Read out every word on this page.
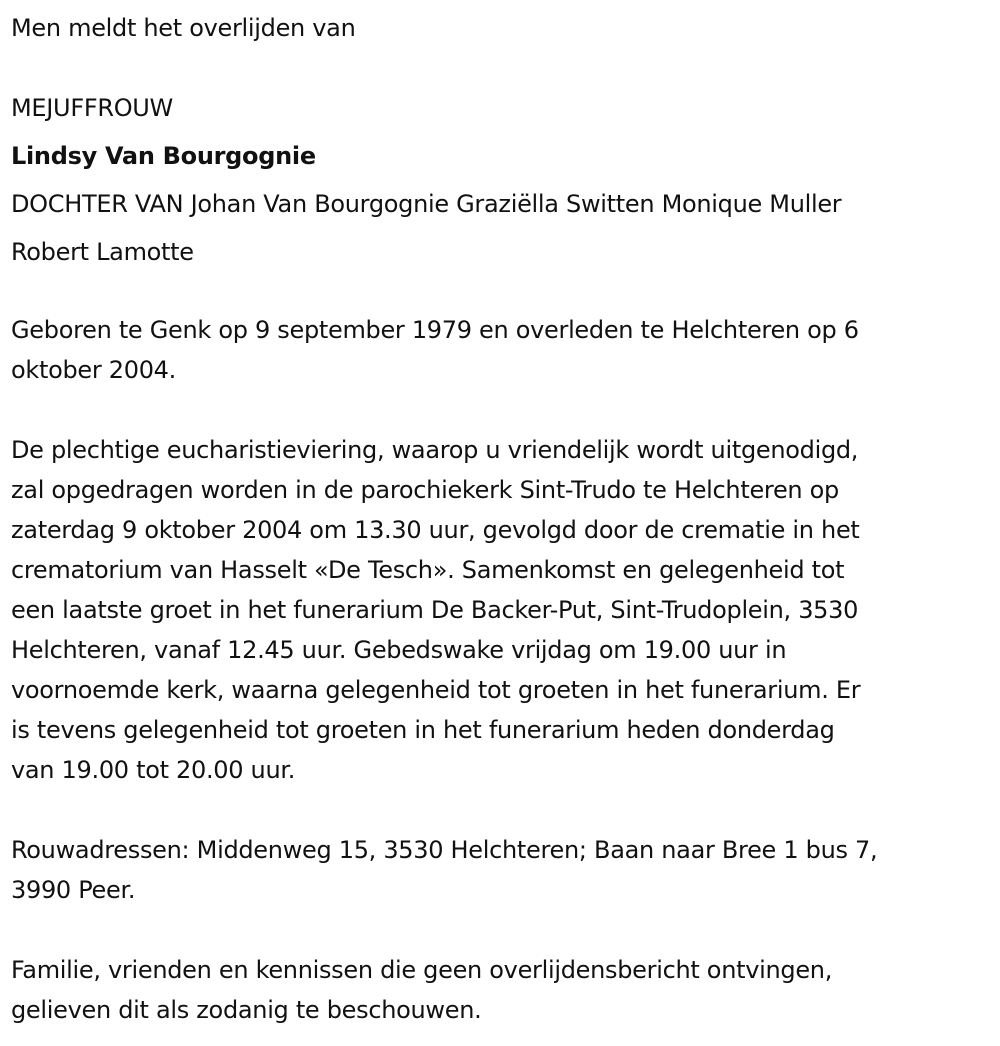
Men meldt het overlijden van
MEJUFFROUW
Lindsy Van Bourgognie
DOCHTER VAN Johan Van Bourgognie Graziëlla Switten Monique Muller
Robert Lamotte
Geboren te Genk op 9 september 1979 en overleden te Helchteren op 6
oktober 2004.
De plechtige eucharistieviering, waarop u vriendelijk wordt uitgenodigd,
zal opgedragen worden in de parochiekerk Sint-Trudo te Helchteren op
zaterdag 9 oktober 2004 om 13.30 uur, gevolgd door de crematie in het
crematorium van Hasselt «De Tesch». Samenkomst en gelegenheid tot
een laatste groet in het funerarium De Backer-Put, Sint-Trudoplein, 3530
Helchteren, vanaf 12.45 uur. Gebedswake vrijdag om 19.00 uur in
voornoemde kerk, waarna gelegenheid tot groeten in het funerarium. Er
is tevens gelegenheid tot groeten in het funerarium heden donderdag
van 19.00 tot 20.00 uur.
Rouwadressen: Middenweg 15, 3530 Helchteren; Baan naar Bree 1 bus 7,
3990 Peer.
Familie, vrienden en kennissen die geen overlijdensbericht ontvingen,
gelieven dit als zodanig te beschouwen.
